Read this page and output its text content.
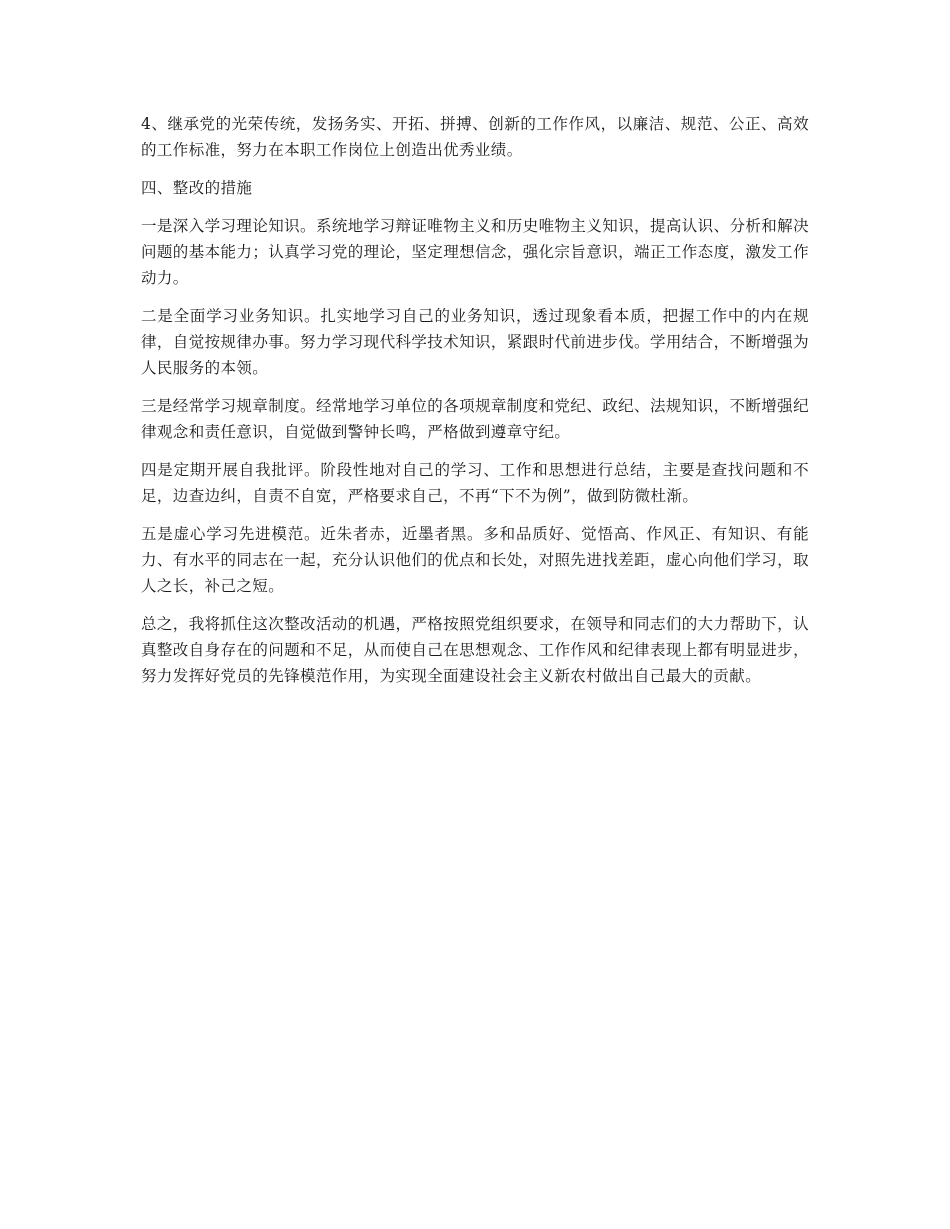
4、继承党的光荣传统，发扬务实、开拓、拼搏、创新的工作作风，以廉洁、规范、公正、高效的工作标准，努力在本职工作岗位上创造出优秀业绩。

四、整改的措施

一是深入学习理论知识。系统地学习辩证唯物主义和历史唯物主义知识，提高认识、分析和解决问题的基本能力；认真学习党的理论，坚定理想信念，强化宗旨意识，端正工作态度，激发工作动力。

二是全面学习业务知识。扎实地学习自己的业务知识，透过现象看本质，把握工作中的内在规律，自觉按规律办事。努力学习现代科学技术知识，紧跟时代前进步伐。学用结合，不断增强为人民服务的本领。

三是经常学习规章制度。经常地学习单位的各项规章制度和党纪、政纪、法规知识，不断增强纪律观念和责任意识，自觉做到警钟长鸣，严格做到遵章守纪。

四是定期开展自我批评。阶段性地对自己的学习、工作和思想进行总结，主要是查找问题和不足，边查边纠，自责不自宽，严格要求自己，不再“下不为例”，做到防微杜渐。

五是虚心学习先进模范。近朱者赤，近墨者黑。多和品质好、觉悟高、作风正、有知识、有能力、有水平的同志在一起，充分认识他们的优点和长处，对照先进找差距，虚心向他们学习，取人之长，补己之短。

总之，我将抓住这次整改活动的机遇，严格按照党组织要求，在领导和同志们的大力帮助下，认真整改自身存在的问题和不足，从而使自己在思想观念、工作作风和纪律表现上都有明显进步，努力发挥好党员的先锋模范作用，为实现全面建设社会主义新农村做出自己最大的贡献。
